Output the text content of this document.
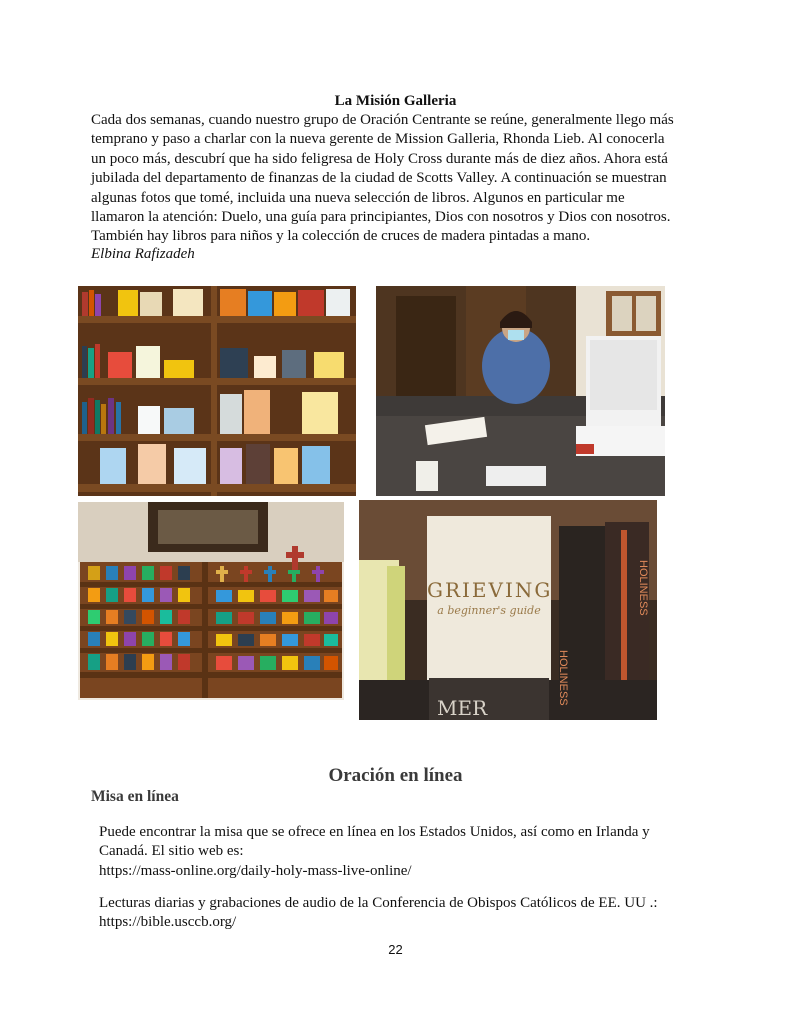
La Misión Galleria
Cada dos semanas, cuando nuestro grupo de Oración Centrante se reúne, generalmente llego más
temprano y paso a charlar con la nueva gerente de Mission Galleria, Rhonda Lieb. Al conocerla
un poco más, descubrí que ha sido feligresa de Holy Cross durante más de diez años. Ahora está
jubilada del departamento de finanzas de la ciudad de Scotts Valley. A continuación se muestran
algunas fotos que tomé, incluida una nueva selección de libros. Algunos en particular me
llamaron la atención: Duelo, una guía para principiantes, Dios con nosotros y Dios con nosotros.
También hay libros para niños y la colección de cruces de madera pintadas a mano.
Elbina Rafizadeh
GRIEVING
a beginner's guide
HOLINESS
HOLINESS
MER
Oración en línea
Misa en línea
Puede encontrar la misa que se ofrece en línea en los Estados Unidos, así como en Irlanda y
Canadá. El sitio web es:
https://mass-online.org/daily-holy-mass-live-online/
Lecturas diarias y grabaciones de audio de la Conferencia de Obispos Católicos de EE. UU .:
https://bible.usccb.org/
22
